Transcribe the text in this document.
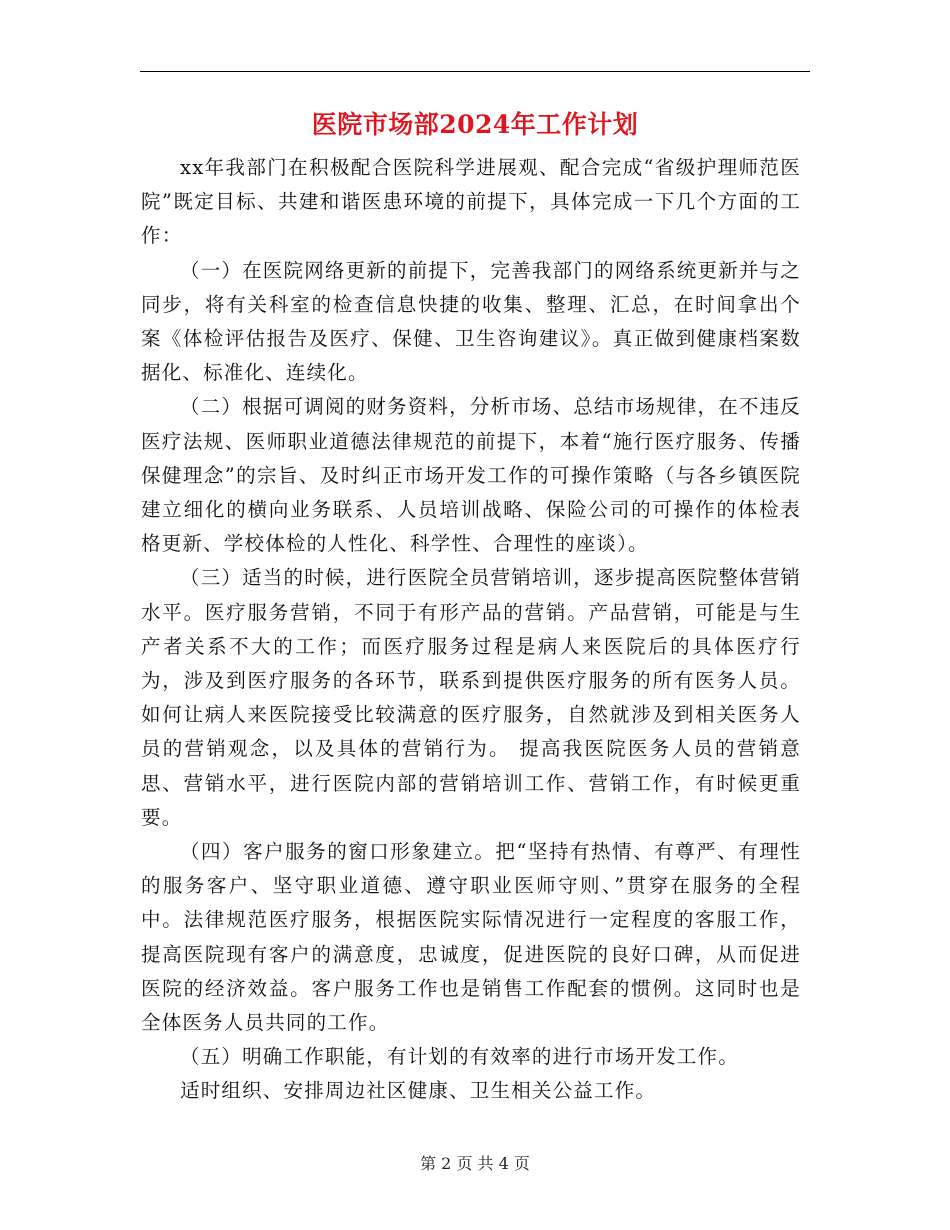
医院市场部2024年工作计划

xx年我部门在积极配合医院科学进展观、配合完成“省级护理师范医院”既定目标、共建和谐医患环境的前提下，具体完成一下几个方面的工作：

（一）在医院网络更新的前提下，完善我部门的网络系统更新并与之同步，将有关科室的检查信息快捷的收集、整理、汇总，在时间拿出个案《体检评估报告及医疗、保健、卫生咨询建议》。真正做到健康档案数据化、标准化、连续化。

（二）根据可调阅的财务资料，分析市场、总结市场规律，在不违反医疗法规、医师职业道德法律规范的前提下，本着“施行医疗服务、传播保健理念”的宗旨、及时纠正市场开发工作的可操作策略（与各乡镇医院建立细化的横向业务联系、人员培训战略、保险公司的可操作的体检表格更新、学校体检的人性化、科学性、合理性的座谈）。

（三）适当的时候，进行医院全员营销培训，逐步提高医院整体营销水平。医疗服务营销，不同于有形产品的营销。产品营销，可能是与生产者关系不大的工作；而医疗服务过程是病人来医院后的具体医疗行为，涉及到医疗服务的各环节，联系到提供医疗服务的所有医务人员。如何让病人来医院接受比较满意的医疗服务，自然就涉及到相关医务人员的营销观念，以及具体的营销行为。 提高我医院医务人员的营销意思、营销水平，进行医院内部的营销培训工作、营销工作，有时候更重要。

（四）客户服务的窗口形象建立。把“坚持有热情、有尊严、有理性的服务客户、坚守职业道德、遵守职业医师守则、”贯穿在服务的全程中。法律规范医疗服务，根据医院实际情况进行一定程度的客服工作，提高医院现有客户的满意度，忠诚度，促进医院的良好口碑，从而促进医院的经济效益。客户服务工作也是销售工作配套的惯例。这同时也是全体医务人员共同的工作。

（五）明确工作职能，有计划的有效率的进行市场开发工作。

适时组织、安排周边社区健康、卫生相关公益工作。

第 2 页 共 4 页
